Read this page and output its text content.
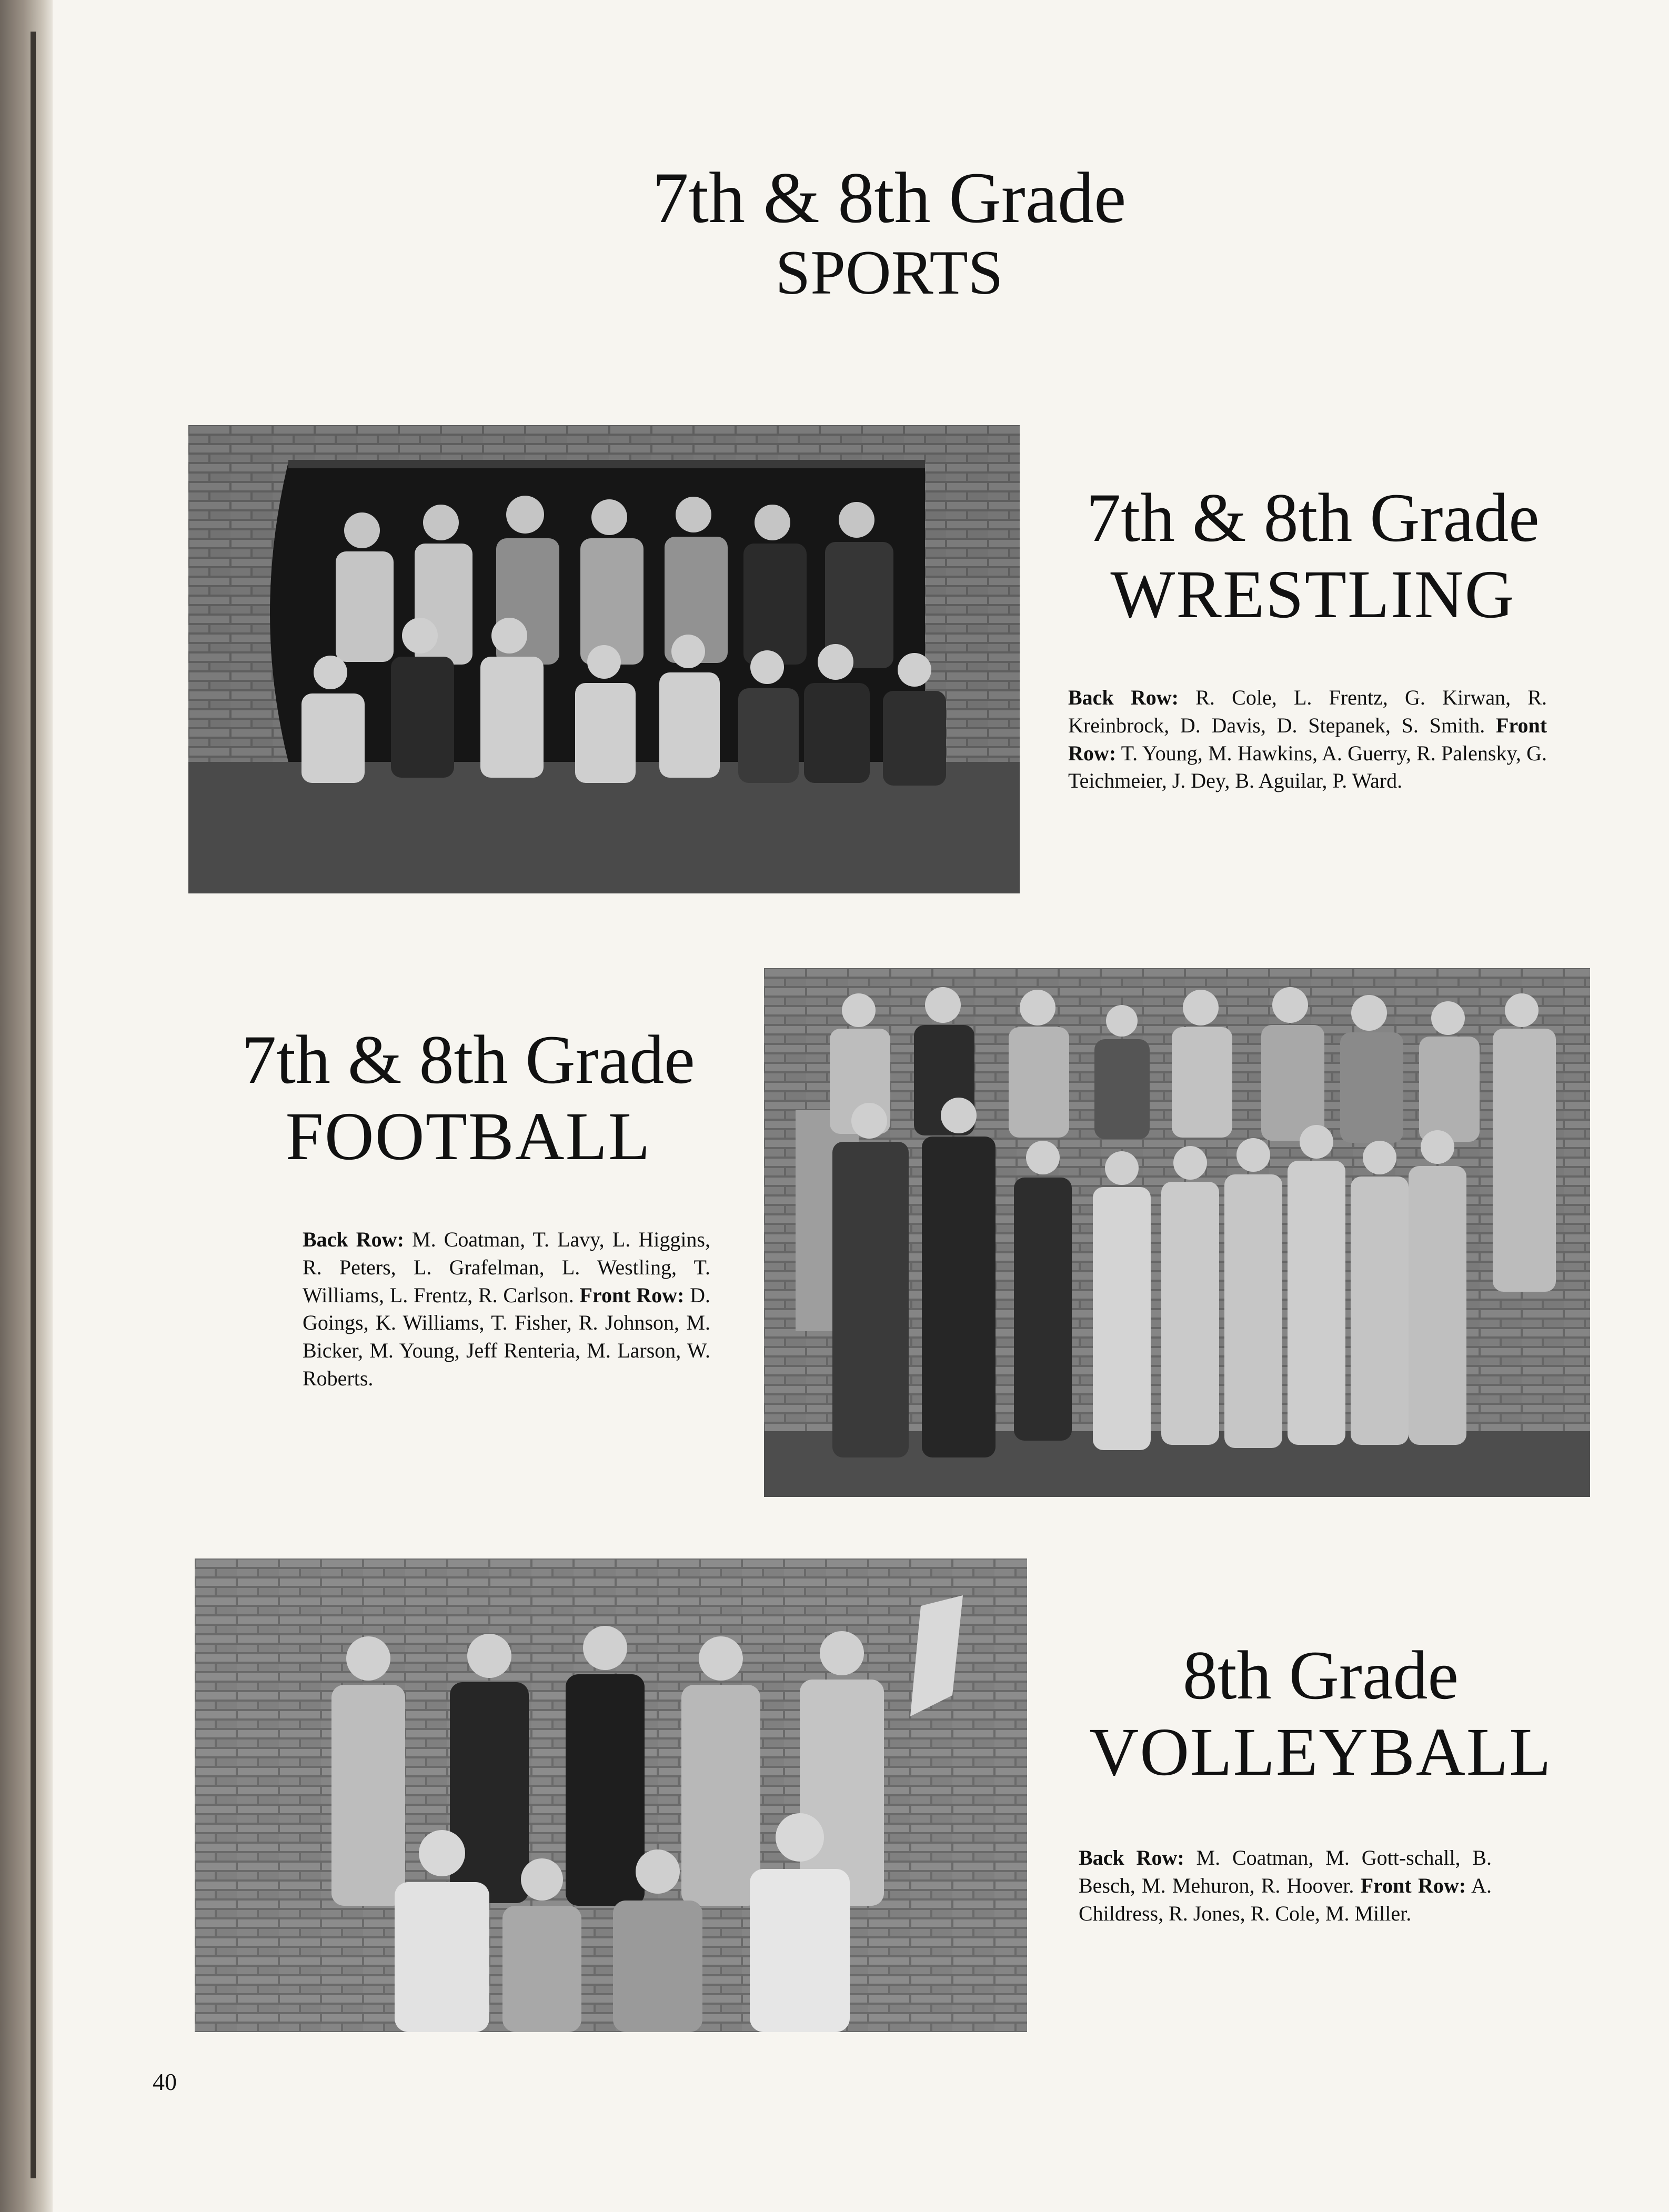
7th & 8th Grade
SPORTS
7th & 8th Grade
WRESTLING
Back Row: R. Cole, L. Frentz, G. Kirwan, R. Kreinbrock, D. Davis, D. Stepanek, S. Smith. Front Row: T. Young, M. Hawkins, A. Guerry, R. Palensky, G. Teichmeier, J. Dey, B. Aguilar, P. Ward.
7th & 8th Grade
FOOTBALL
Back Row: M. Coatman, T. Lavy, L. Higgins, R. Peters, L. Grafelman, L. Westling, T. Williams, L. Frentz, R. Carlson. Front Row: D. Goings, K. Williams, T. Fisher, R. Johnson, M. Bicker, M. Young, Jeff Renteria, M. Larson, W. Roberts.
8th Grade
VOLLEYBALL
Back Row: M. Coatman, M. Gott-schall, B. Besch, M. Mehuron, R. Hoover. Front Row: A. Childress, R. Jones, R. Cole, M. Miller.
40
